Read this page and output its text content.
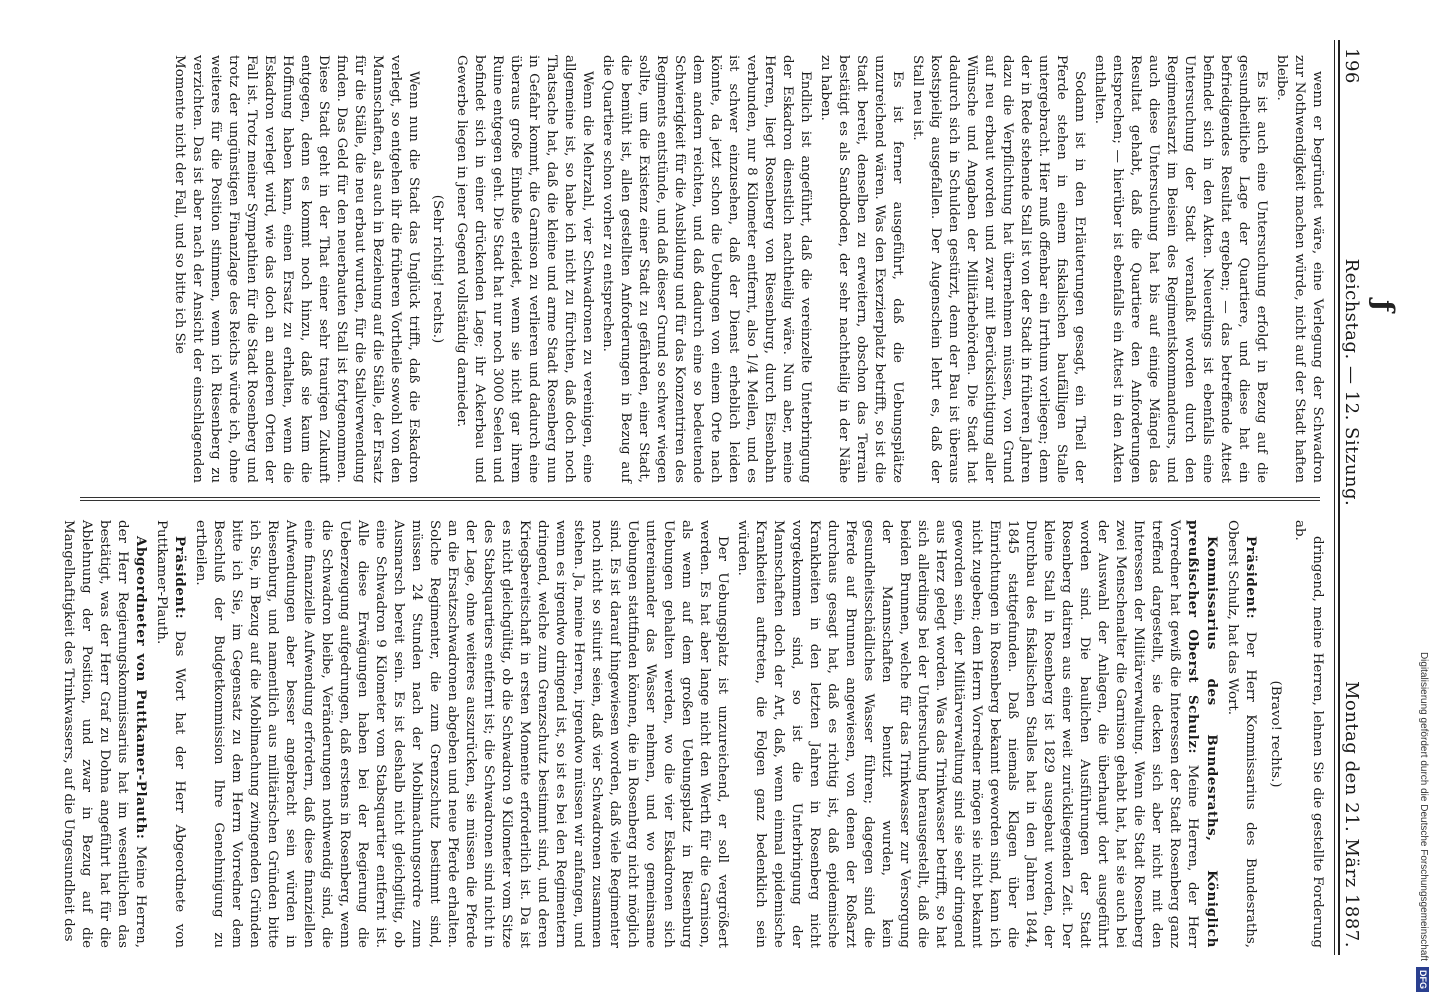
ƒ
196
Reichstag. — 12. Sitzung.
Montag den 21. März 1887.

wenn er begründet wäre, eine Verlegung der Schwadron zur Nothwendigkeit machen würde, nicht auf der Stadt haften bleibe.

Es ist auch eine Untersuchung erfolgt in Bezug auf die gesundheitliche Lage der Quartiere, und diese hat ein befriedigendes Resultat ergeben; — das betreffende Attest befindet sich in den Akten. Neuerdings ist ebenfalls eine Untersuchung der Stadt veranlaßt worden durch den Regimentsarzt im Beisein des Regimentskommandeurs, und auch diese Untersuchung hat bis auf einige Mängel das Resultat gehabt, daß die Quartiere den Anforderungen entsprechen; — hierüber ist ebenfalls ein Attest in den Akten enthalten.

Sodann ist in den Erläuterungen gesagt, ein Theil der Pferde stehen in einem fiskalischen baufälligen Stalle untergebracht. Hier muß offenbar ein Irrthum vorliegen; denn der in Rede stehende Stall ist von der Stadt in früheren Jahren dazu die Verpflichtung hat übernehmen müssen, von Grund auf neu erbaut worden und zwar mit Berücksichtigung aller Wünsche und Angaben der Militärbehörden. Die Stadt hat dadurch sich in Schulden gestürzt, denn der Bau ist überaus kostspielig ausgefallen. Der Augenschein lehrt es, daß der Stall neu ist.

Es ist ferner ausgeführt, daß die Uebungsplätze unzureichend wären. Was den Exerzierplatz betrifft, so ist die Stadt bereit, denselben zu erweitern, obschon das Terrain bestätigt es als Sandboden, der sehr nachtheilig in der Nähe zu haben.

Endlich ist angeführt, daß die vereinzelte Unterbringung der Eskadron dienstlich nachtheilig wäre. Nun aber, meine Herren, liegt Rosenberg von Riesenburg, durch Eisenbahn verbunden, nur 8 Kilometer entfernt, also 1/4 Meilen, und es ist schwer einzusehen, daß der Dienst erheblich leiden könnte, da jetzt schon die Uebungen von einem Orte nach dem andern reichten, und daß dadurch eine so bedeutende Schwierigkeit für die Ausbildung und für das Konzentriren des Regiments entstünde, und daß dieser Grund so schwer wiegen sollte, um die Existenz einer Stadt zu gefährden, einer Stadt, die bemüht ist, allen gestellten Anforderungen in Bezug auf die Quartiere schon vorher zu entsprechen.

Wenn die Mehrzahl, vier Schwadronen zu vereinigen, eine allgemeine ist, so habe ich nicht zu fürchten, daß doch noch Thatsache hat, daß die kleine und arme Stadt Rosenberg nun in Gefahr kommt, die Garnison zu verlieren und dadurch eine überaus große Einbuße erleidet, wenn sie nicht gar ihrem Ruine entgegen geht. Die Stadt hat nur noch 3000 Seelen und befindet sich in einer drückenden Lage; ihr Ackerbau und Gewerbe liegen in jener Gegend vollständig darnieder.

(Sehr richtig! rechts.)

Wenn nun die Stadt das Unglück trifft, daß die Eskadron verlegt, so entgehen ihr die früheren Vortheile sowohl von den Mannschaften, als auch in Beziehung auf die Ställe, der Ersatz für die Ställe, die neu erbaut wurden, für die Stallverwendung finden. Das Geld für den neuerbauten Stall ist fortgenommen. Diese Stadt geht in der That einer sehr traurigen Zukunft entgegen, denn es kommt noch hinzu, daß sie kaum die Hoffnung haben kann, einen Ersatz zu erhalten, wenn die Eskadron verlegt wird, wie das doch an anderen Orten der Fall ist. Trotz meiner Sympathien für die Stadt Rosenberg und trotz der ungünstigen Finanzlage des Reichs würde ich, ohne weiteres für die Position stimmen, wenn ich Riesenberg zu verzichten. Das ist aber nach der Ansicht der einschlagenden Momente nicht der Fall, und so bitte ich Sie

dringend, meine Herren, lehnen Sie die gestellte Forderung ab.

(Bravo! rechts.)

Präsident: Der Herr Kommissarius des Bundesraths, Oberst Schulz, hat das Wort.

Kommissarius des Bundesraths, Königlich preußischer Oberst Schulz: Meine Herren, der Herr Vorredner hat gewiß die Interessen der Stadt Rosenberg ganz treffend dargestellt, sie decken sich aber nicht mit den Interessen der Militärverwaltung. Wenn die Stadt Rosenberg zwei Menschenalter die Garnison gehabt hat, hat sie auch bei der Auswahl der Anlagen, die überhaupt dort ausgeführt worden sind. Die baulichen Ausführungen der Stadt Rosenberg datiren aus einer weit zurückliegenden Zeit. Der kleine Stall in Rosenberg ist 1829 ausgebaut worden, der Durchbau des fiskalischen Stalles hat in den Jahren 1844, 1845 stattgefunden. Daß niemals Klagen über die Einrichtungen in Rosenberg bekannt geworden sind, kann ich nicht zugeben; dem Herrn Vorredner mögen sie nicht bekannt geworden sein, der Militärverwaltung sind sie sehr dringend aus Herz gelegt worden. Was das Trinkwasser betrifft, so hat sich allerdings bei der Untersuchung herausgestellt, daß die beiden Brunnen, welche für das Trinkwasser zur Versorgung der Mannschaften benutzt wurden, kein gesundheitsschädliches Wasser führen; dagegen sind die Pferde auf Brunnen angewiesen, von denen der Roßarzt durchaus gesagt hat, daß es richtig ist, daß epidemische Krankheiten in den letzten Jahren in Rosenberg nicht vorgekommen sind, so ist die Unterbringung der Mannschaften doch der Art, daß, wenn einmal epidemische Krankheiten auftreten, die Folgen ganz bedenklich sein würden.

Der Uebungsplatz ist unzureichend, er soll vergrößert werden. Es hat aber lange nicht den Werth für die Garnison, als wenn auf dem großen Uebungsplatz in Riesenburg Uebungen gehalten werden, wo die vier Eskadronen sich untereinander das Wasser nehmen, und wo gemeinsame Uebungen stattfinden können, die in Rosenberg nicht möglich sind. Es ist darauf hingewiesen worden, daß viele Regimenter noch nicht so situirt seien, daß vier Schwadronen zusammen stehen. Ja, meine Herren, irgendwo müssen wir anfangen, und wenn es irgendwo dringend ist, so ist es bei den Regimentern dringend, welche zum Grenzschutz bestimmt sind, und deren Kriegsbereitschaft in ersten Momente erforderlich ist. Da ist es nicht gleichgültig, ob die Schwadron 9 Kilometer vom Sitze des Stabsquartiers entfernt ist; die Schwadronen sind nicht in der Lage, ohne weiteres auszurücken, sie müssen die Pferde an die Ersatzschwadronen abgeben und neue Pferde erhalten. Solche Regimenter, die zum Grenzschutz bestimmt sind, müssen 24 Stunden nach der Mobilmachungsordre zum Ausmarsch bereit sein. Es ist deshalb nicht gleichgiltig, ob eine Schwadron 9 Kilometer vom Stabsquartier entfernt ist. Alle diese Erwägungen haben bei der Regierung die Ueberzeugung aufgedrungen, daß erstens in Rosenberg, wenn die Schwadron bleibe, Veränderungen nothwendig sind, die eine finanzielle Aufwendung erfordern, daß diese finanziellen Aufwendungen aber besser angebracht sein würden in Riesenburg, und namentlich aus militärischen Gründen bitte ich Sie, in Bezug auf die Mobilmachung zwingenden Gründen bitte ich Sie, im Gegensatz zu dem Herrn Vorredner dem Beschluß der Budgetkommission Ihre Genehmigung zu ertheilen.

Präsident: Das Wort hat der Herr Abgeordnete von Puttkamer-Plauth.

Abgeordneter von Puttkamer-Plauth: Meine Herren, der Herr Regierungskommissarius hat im wesentlichen das bestätigt, was der Herr Graf zu Dohna angeführt hat für die Ablehnung der Position, und zwar in Bezug auf die Mangelhaftigkeit des Trinkwassers, auf die Ungesundheit des	Digitalisierung gefördert durch die Deutsche Forschungsgemeinschaft
DFG
